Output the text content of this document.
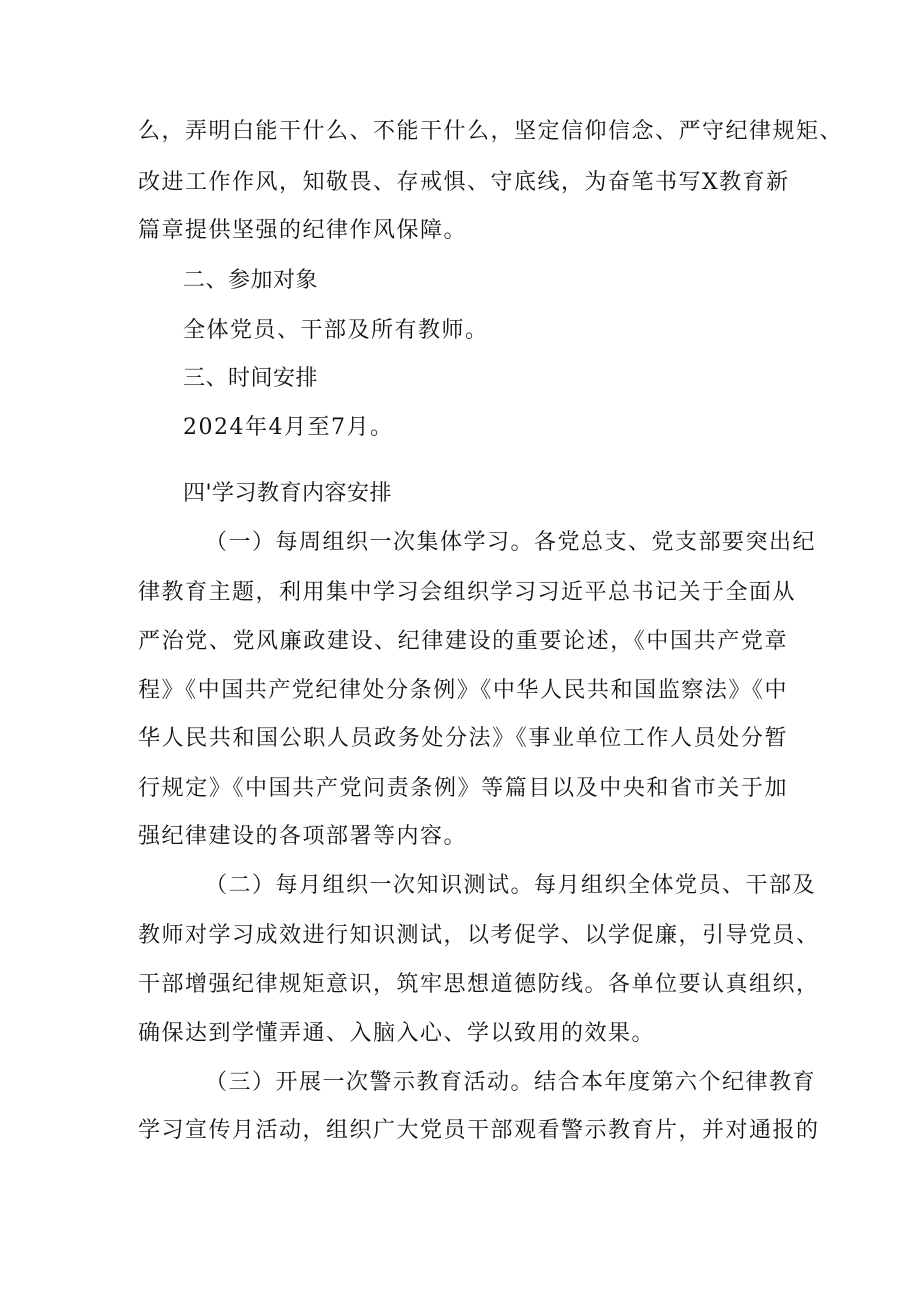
么，弄明白能干什么、不能干什么，坚定信仰信念、严守纪律规矩、
改进工作作风，知敬畏、存戒惧、守底线，为奋笔书写X教育新
篇章提供坚强的纪律作风保障。
二、参加对象
全体党员、干部及所有教师。
三、时间安排
2024年4月至7月。
四'学习教育内容安排
（一）每周组织一次集体学习。各党总支、党支部要突出纪
律教育主题，利用集中学习会组织学习习近平总书记关于全面从
严治党、党风廉政建设、纪律建设的重要论述，《中国共产党章
程》《中国共产党纪律处分条例》《中华人民共和国监察法》《中
华人民共和国公职人员政务处分法》《事业单位工作人员处分暂
行规定》《中国共产党问责条例》等篇目以及中央和省市关于加
强纪律建设的各项部署等内容。
（二）每月组织一次知识测试。每月组织全体党员、干部及
教师对学习成效进行知识测试，以考促学、以学促廉，引导党员、
干部增强纪律规矩意识，筑牢思想道德防线。各单位要认真组织，
确保达到学懂弄通、入脑入心、学以致用的效果。
（三）开展一次警示教育活动。结合本年度第六个纪律教育
学习宣传月活动，组织广大党员干部观看警示教育片，并对通报的
